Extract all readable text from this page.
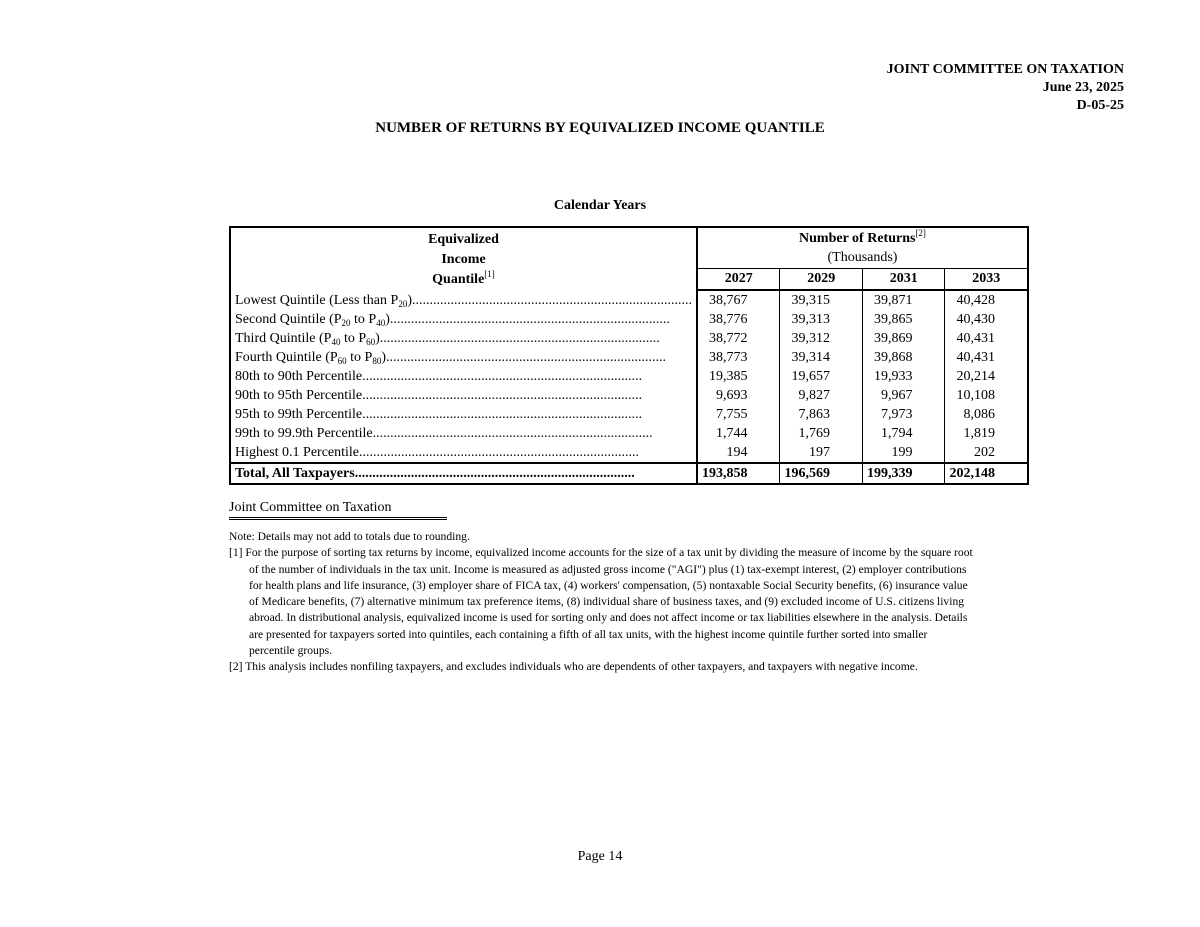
JOINT COMMITTEE ON TAXATION
June 23, 2025
D-05-25
NUMBER OF RETURNS BY EQUIVALIZED INCOME QUANTILE
Calendar Years
Equivalized
Income
Quantile[1]	Number of Returns[2]
	(Thousands)			
	2027	2029	2031	2033

Lowest Quintile (Less than $P_{20}$) ................................................................................	38,767	39,315	39,871	40,428

Second Quintile ($P_{20}$ to $P_{40}$) ................................................................................	38,776	39,313	39,865	40,430

Third Quintile ($P_{40}$ to $P_{60}$) ................................................................................	38,772	39,312	39,869	40,431

Fourth Quintile ($P_{60}$ to $P_{80}$) ................................................................................	38,773	39,314	39,868	40,431

80th to 90th Percentile ................................................................................	19,385	19,657	19,933	20,214

90th to 95th Percentile ................................................................................	9,693	9,827	9,967	10,108

95th to 99th Percentile ................................................................................	7,755	7,863	7,973	8,086

99th to 99.9th Percentile ................................................................................	1,744	1,769	1,794	1,819

Highest 0.1 Percentile ................................................................................	194	197	199	202

Total, All Taxpayers ................................................................................	193,858	196,569	199,339	202,148
Joint Committee on Taxation

Note: Details may not add to totals due to rounding.

[1] For the purpose of sorting tax returns by income, equivalized income accounts for the size of a tax unit by dividing the measure of income by the square root of the number of individuals in the tax unit. Income is measured as adjusted gross income ("AGI") plus (1) tax-exempt interest, (2) employer contributions for health plans and life insurance, (3) employer share of FICA tax, (4) workers' compensation, (5) nontaxable Social Security benefits, (6) insurance value of Medicare benefits, (7) alternative minimum tax preference items, (8) individual share of business taxes, and (9) excluded income of U.S. citizens living abroad. In distributional analysis, equivalized income is used for sorting only and does not affect income or tax liabilities elsewhere in the analysis. Details are presented for taxpayers sorted into quintiles, each containing a fifth of all tax units, with the highest income quintile further sorted into smaller percentile groups.

[2] This analysis includes nonfiling taxpayers, and excludes individuals who are dependents of other taxpayers, and taxpayers with negative income.

Page 14
